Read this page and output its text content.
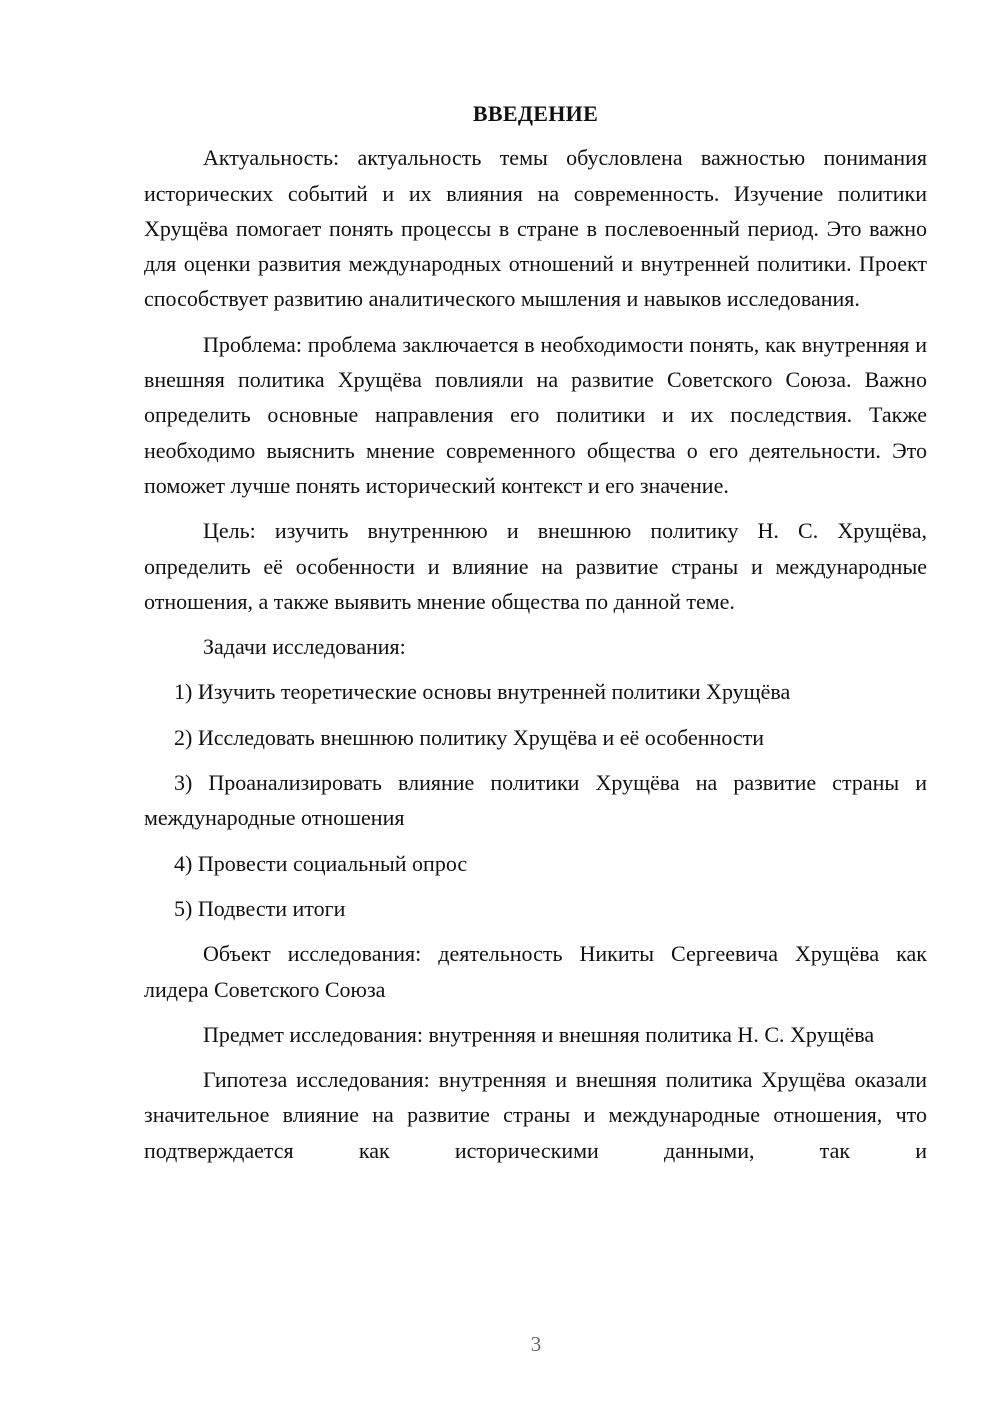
ВВЕДЕНИЕ

Актуальность: актуальность темы обусловлена важностью понимания исторических событий и их влияния на современность. Изучение политики Хрущёва помогает понять процессы в стране в послевоенный период. Это важно для оценки развития международных отношений и внутренней политики. Проект способствует развитию аналитического мышления и навыков исследования.

Проблема: проблема заключается в необходимости понять, как внутренняя и внешняя политика Хрущёва повлияли на развитие Советского Союза. Важно определить основные направления его политики и их последствия. Также необходимо выяснить мнение современного общества о его деятельности. Это поможет лучше понять исторический контекст и его значение.

Цель: изучить внутреннюю и внешнюю политику Н. С. Хрущёва, определить её особенности и влияние на развитие страны и международные отношения, а также выявить мнение общества по данной теме.

Задачи исследования:

1) Изучить теоретические основы внутренней политики Хрущёва

2) Исследовать внешнюю политику Хрущёва и её особенности

3) Проанализировать влияние политики Хрущёва на развитие страны и международные отношения

4) Провести социальный опрос

5) Подвести итоги

Объект исследования: деятельность Никиты Сергеевича Хрущёва как лидера Советского Союза

Предмет исследования: внутренняя и внешняя политика Н. С. Хрущёва

Гипотеза исследования: внутренняя и внешняя политика Хрущёва оказали значительное влияние на развитие страны и международные отношения, что подтверждается как историческими данными, так и

3
